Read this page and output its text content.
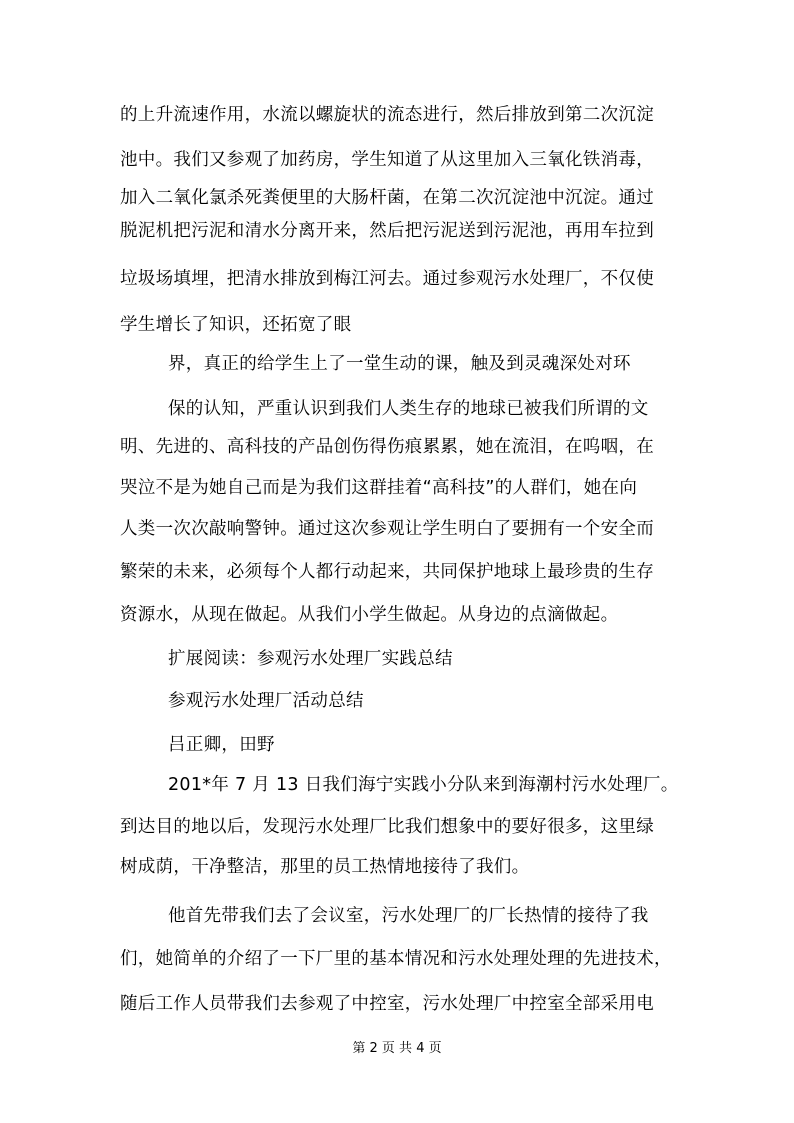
的上升流速作用，水流以螺旋状的流态进行，然后排放到第二次沉淀
池中。我们又参观了加药房，学生知道了从这里加入三氧化铁消毒，
加入二氧化氯杀死粪便里的大肠杆菌，在第二次沉淀池中沉淀。通过
脱泥机把污泥和清水分离开来，然后把污泥送到污泥池，再用车拉到
垃圾场填埋，把清水排放到梅江河去。通过参观污水处理厂，不仅使
学生增长了知识，还拓宽了眼
界，真正的给学生上了一堂生动的课，触及到灵魂深处对环
保的认知，严重认识到我们人类生存的地球已被我们所谓的文
明、先进的、高科技的产品创伤得伤痕累累，她在流泪，在呜咽，在
哭泣不是为她自己而是为我们这群挂着“高科技”的人群们，她在向
人类一次次敲响警钟。通过这次参观让学生明白了要拥有一个安全而
繁荣的未来，必须每个人都行动起来，共同保护地球上最珍贵的生存
资源水，从现在做起。从我们小学生做起。从身边的点滴做起。
扩展阅读：参观污水处理厂实践总结
参观污水处理厂活动总结
吕正卿，田野
201*年 7 月 13 日我们海宁实践小分队来到海潮村污水处理厂。
到达目的地以后，发现污水处理厂比我们想象中的要好很多，这里绿
树成荫，干净整洁，那里的员工热情地接待了我们。
他首先带我们去了会议室，污水处理厂的厂长热情的接待了我
们，她简单的介绍了一下厂里的基本情况和污水处理处理的先进技术，
随后工作人员带我们去参观了中控室，污水处理厂中控室全部采用电
第 2 页 共 4 页
